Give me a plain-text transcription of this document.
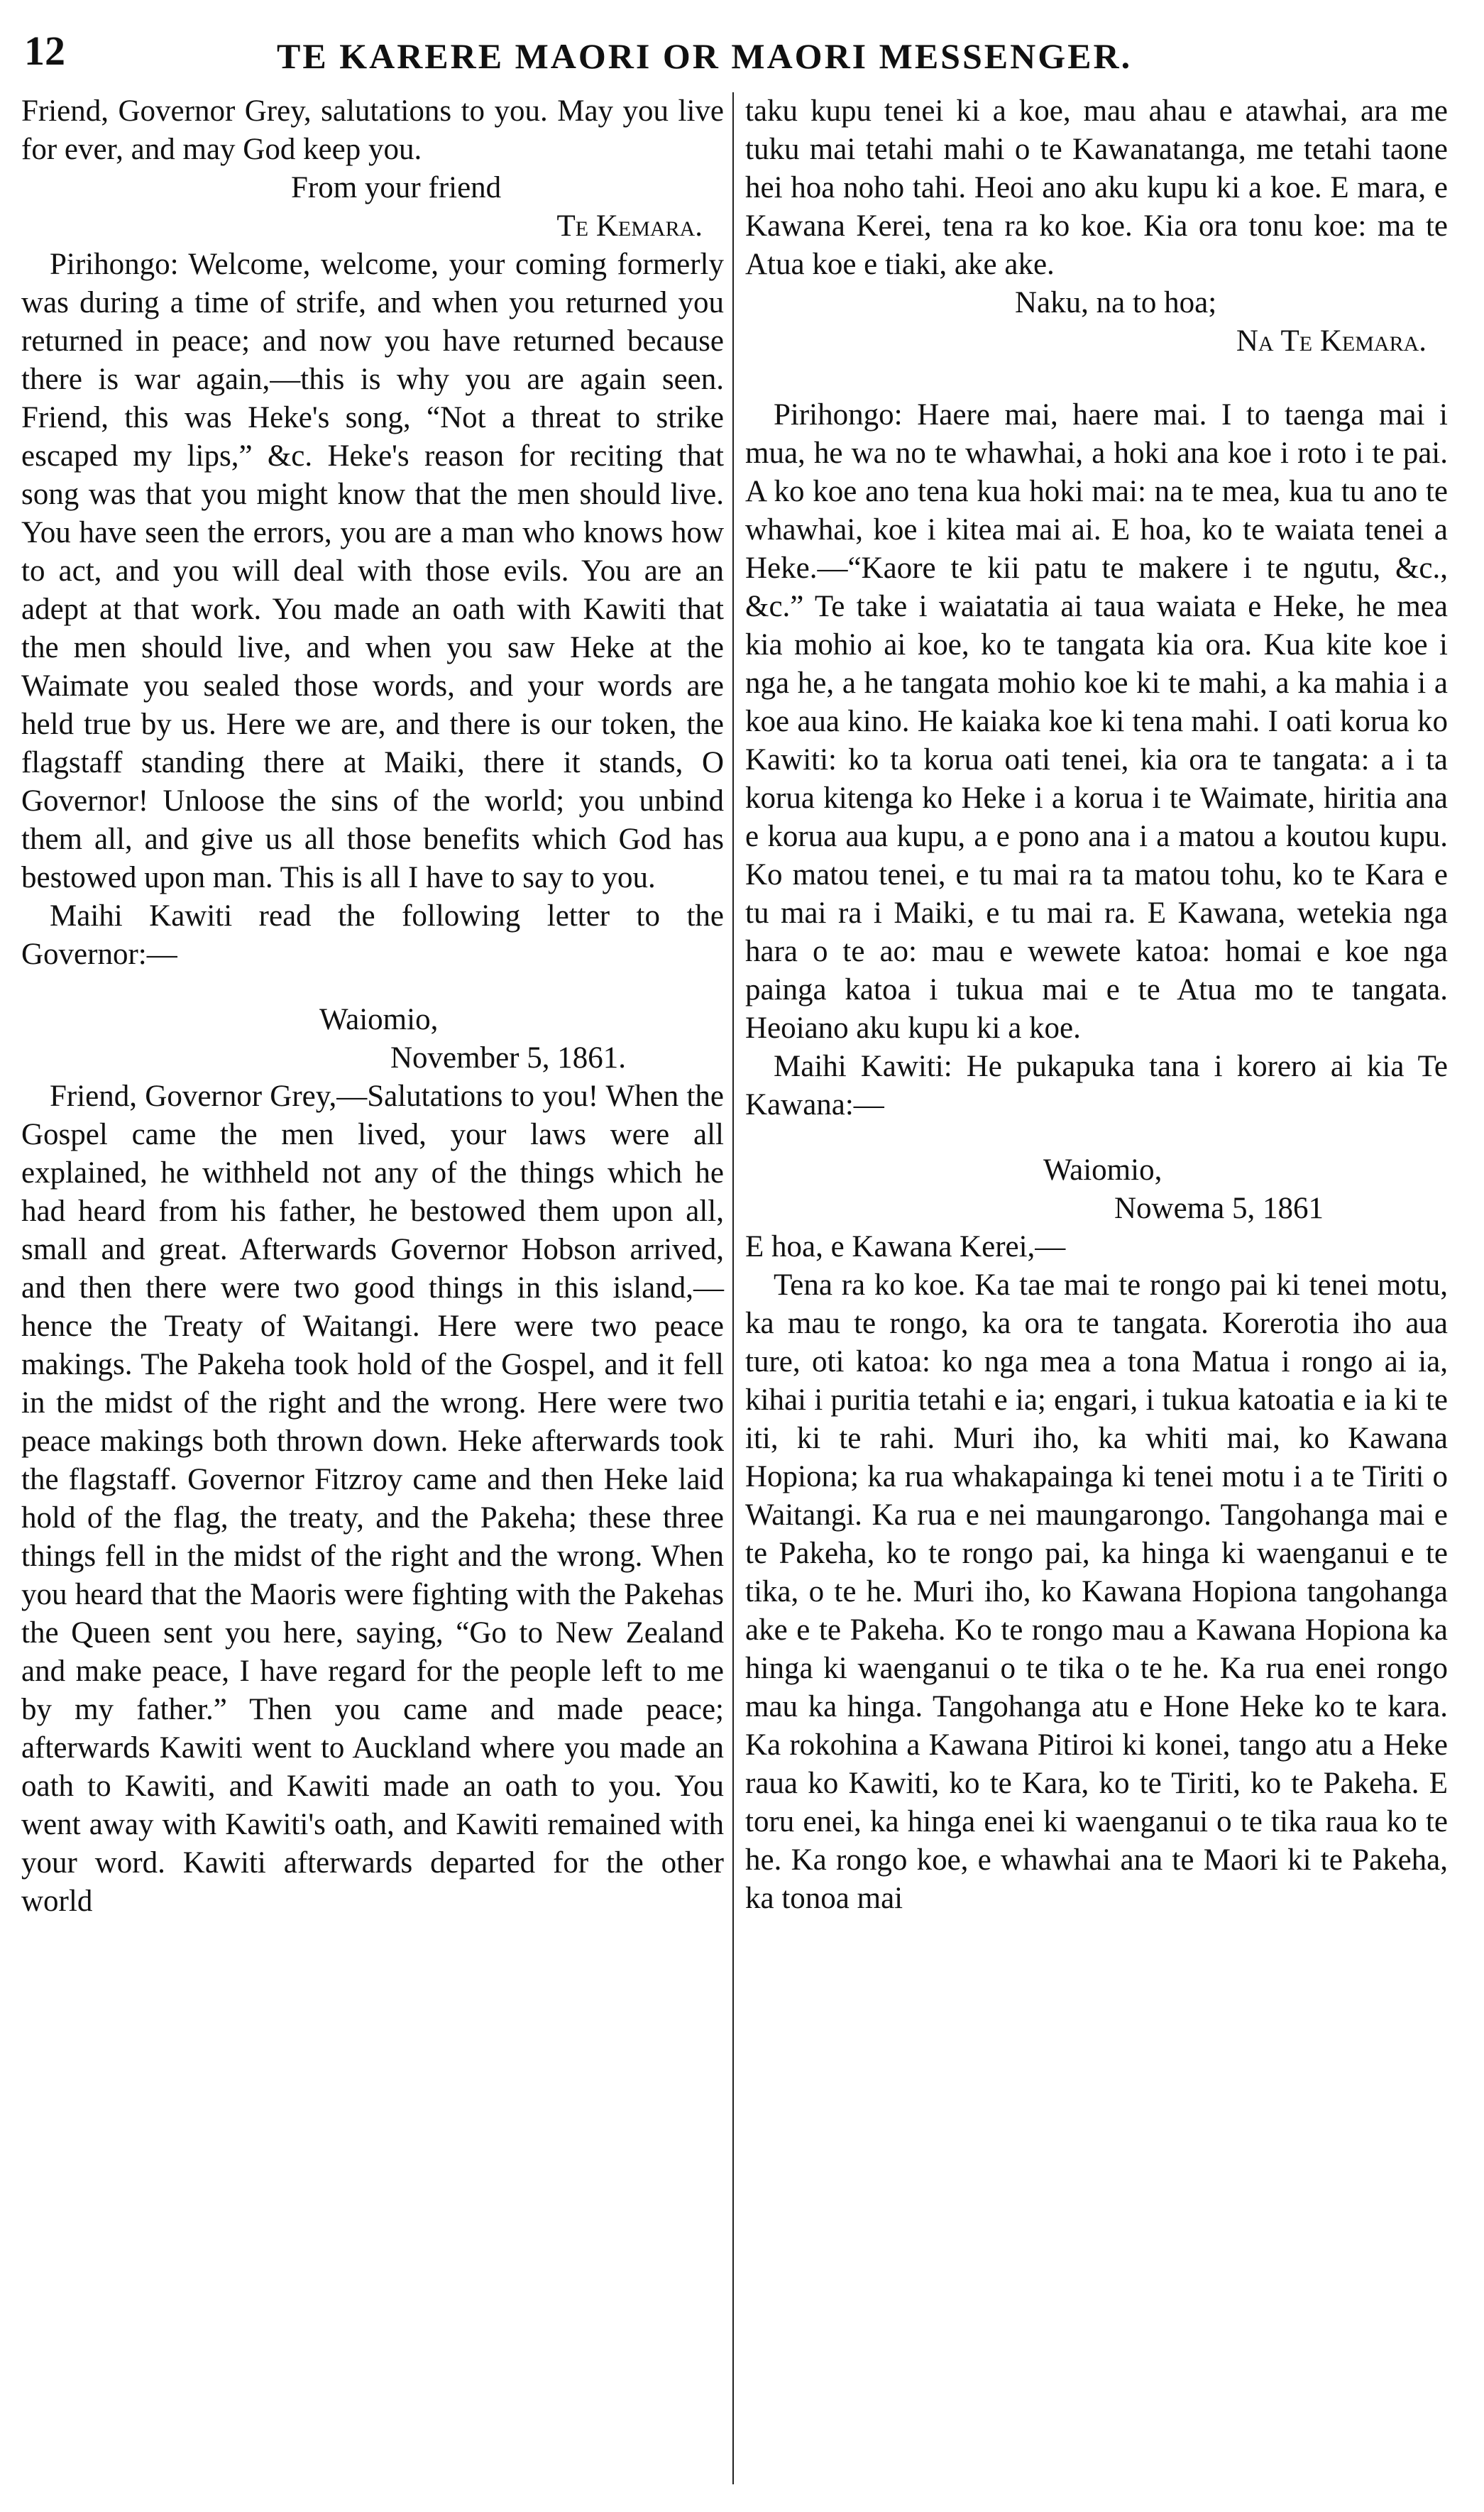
12	TE KARERE MAORI OR MAORI MESSENGER.

Friend, Governor Grey, salutations to you. May you live for ever, and may God keep you.

From your friend

Te Kemara.

Pirihongo: Welcome, welcome, your coming formerly was during a time of strife, and when you returned you returned in peace; and now you have returned because there is war again,—this is why you are again seen. Friend, this was Heke's song, “Not a threat to strike escaped my lips,” &c. Heke's reason for reciting that song was that you might know that the men should live. You have seen the errors, you are a man who knows how to act, and you will deal with those evils. You are an adept at that work. You made an oath with Kawiti that the men should live, and when you saw Heke at the Waimate you sealed those words, and your words are held true by us. Here we are, and there is our token, the flagstaff standing there at Maiki, there it stands, O Governor! Unloose the sins of the world; you unbind them all, and give us all those benefits which God has bestowed upon man. This is all I have to say to you.

Maihi Kawiti read the following letter to the Governor:—

Waiomio,

November 5, 1861.

Friend, Governor Grey,—Salutations to you! When the Gospel came the men lived, your laws were all explained, he withheld not any of the things which he had heard from his father, he bestowed them upon all, small and great. Afterwards Governor Hobson arrived, and then there were two good things in this island,—hence the Treaty of Waitangi. Here were two peace makings. The Pakeha took hold of the Gospel, and it fell in the midst of the right and the wrong. Here were two peace makings both thrown down. Heke afterwards took the flagstaff. Governor Fitzroy came and then Heke laid hold of the flag, the treaty, and the Pakeha; these three things fell in the midst of the right and the wrong. When you heard that the Maoris were fighting with the Pakehas the Queen sent you here, saying, “Go to New Zealand and make peace, I have regard for the people left to me by my father.” Then you came and made peace; afterwards Kawiti went to Auckland where you made an oath to Kawiti, and Kawiti made an oath to you. You went away with Kawiti's oath, and Kawiti remained with your word. Kawiti afterwards departed for the other world

taku kupu tenei ki a koe, mau ahau e atawhai, ara me tuku mai tetahi mahi o te Kawanatanga, me tetahi taone hei hoa noho tahi. Heoi ano aku kupu ki a koe. E mara, e Kawana Kerei, tena ra ko koe. Kia ora tonu koe: ma te Atua koe e tiaki, ake ake.

Naku, na to hoa;

Na Te Kemara.

Pirihongo: Haere mai, haere mai. I to taenga mai i mua, he wa no te whawhai, a hoki ana koe i roto i te pai. A ko koe ano tena kua hoki mai: na te mea, kua tu ano te whawhai, koe i kitea mai ai. E hoa, ko te waiata tenei a Heke.—“Kaore te kii patu te makere i te ngutu, &c., &c.” Te take i waiatatia ai taua waiata e Heke, he mea kia mohio ai koe, ko te tangata kia ora. Kua kite koe i nga he, a he tangata mohio koe ki te mahi, a ka mahia i a koe aua kino. He kaiaka koe ki tena mahi. I oati korua ko Kawiti: ko ta korua oati tenei, kia ora te tangata: a i ta korua kitenga ko Heke i a korua i te Waimate, hiritia ana e korua aua kupu, a e pono ana i a matou a koutou kupu. Ko matou tenei, e tu mai ra ta matou tohu, ko te Kara e tu mai ra i Maiki, e tu mai ra. E Kawana, wetekia nga hara o te ao: mau e wewete katoa: homai e koe nga painga katoa i tukua mai e te Atua mo te tangata. Heoiano aku kupu ki a koe.

Maihi Kawiti: He pukapuka tana i korero ai kia Te Kawana:—

Waiomio,

Nowema 5, 1861

E hoa, e Kawana Kerei,—

Tena ra ko koe. Ka tae mai te rongo pai ki tenei motu, ka mau te rongo, ka ora te tangata. Korerotia iho aua ture, oti katoa: ko nga mea a tona Matua i rongo ai ia, kihai i puritia tetahi e ia; engari, i tukua katoatia e ia ki te iti, ki te rahi. Muri iho, ka whiti mai, ko Kawana Hopiona; ka rua whakapainga ki tenei motu i a te Tiriti o Waitangi. Ka rua e nei maungarongo. Tangohanga mai e te Pakeha, ko te rongo pai, ka hinga ki waenganui e te tika, o te he. Muri iho, ko Kawana Hopiona tangohanga ake e te Pakeha. Ko te rongo mau a Kawana Hopiona ka hinga ki waenganui o te tika o te he. Ka rua enei rongo mau ka hinga. Tangohanga atu e Hone Heke ko te kara. Ka rokohina a Kawana Pitiroi ki konei, tango atu a Heke raua ko Kawiti, ko te Kara, ko te Tiriti, ko te Pakeha. E toru enei, ka hinga enei ki waenganui o te tika raua ko te he. Ka rongo koe, e whawhai ana te Maori ki te Pakeha, ka tonoa mai
